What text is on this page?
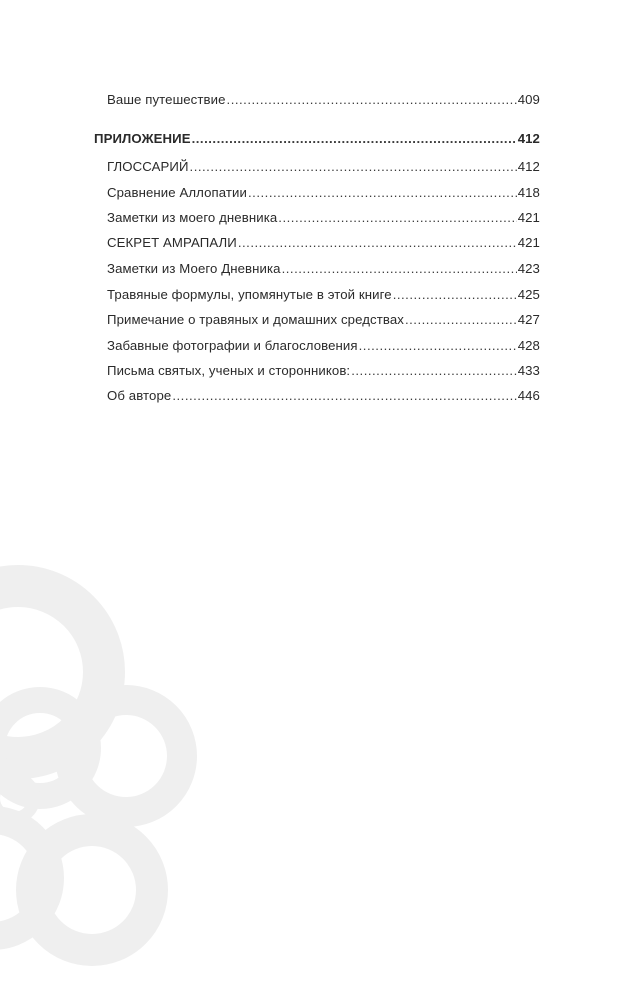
Ваше путешествие .....	409
ПРИЛОЖЕНИЕ .....	412
ГЛОССАРИЙ .....	412
Сравнение Аллопатии .....	418
Заметки из моего дневника .....	421
СЕКРЕТ АМРАПАЛИ .....	421
Заметки из Моего Дневника .....	423
Травяные формулы, упомянутые в этой книге .....	425
Примечание о травяных и домашних средствах .....	427
Забавные фотографии и благословения .....	428
Письма святых, ученых и сторонников: .....	433
Об авторе .....	446
